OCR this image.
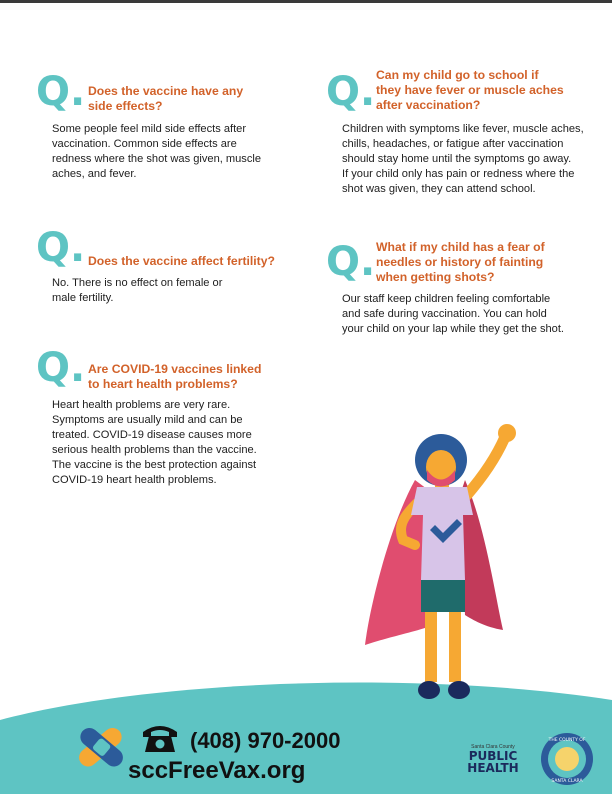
Q. Does the vaccine have any
side effects?
Some people feel mild side effects after
vaccination. Common side effects are
redness where the shot was given, muscle
aches, and fever.
Q. Can my child go to school if
they have fever or muscle aches
after vaccination?
Children with symptoms like fever, muscle aches,
chills, headaches, or fatigue after vaccination
should stay home until the symptoms go away.
If your child only has pain or redness where the
shot was given, they can attend school.
Q. Does the vaccine affect fertility?
No. There is no effect on female or
male fertility.
Q. What if my child has a fear of
needles or history of fainting
when getting shots?
Our staff keep children feeling comfortable
and safe during vaccination. You can hold
your child on your lap while they get the shot.
Q. Are COVID-19 vaccines linked
to heart health problems?
Heart health problems are very rare.
Symptoms are usually mild and can be
treated. COVID-19 disease causes more
serious health problems than the vaccine.
The vaccine is the best protection against
COVID-19 heart health problems.
(408) 970-2000
sccFreeVax.org
Santa Clara County
PUBLIC
HEALTH
THE COUNTY OF
SANTA CLARA
